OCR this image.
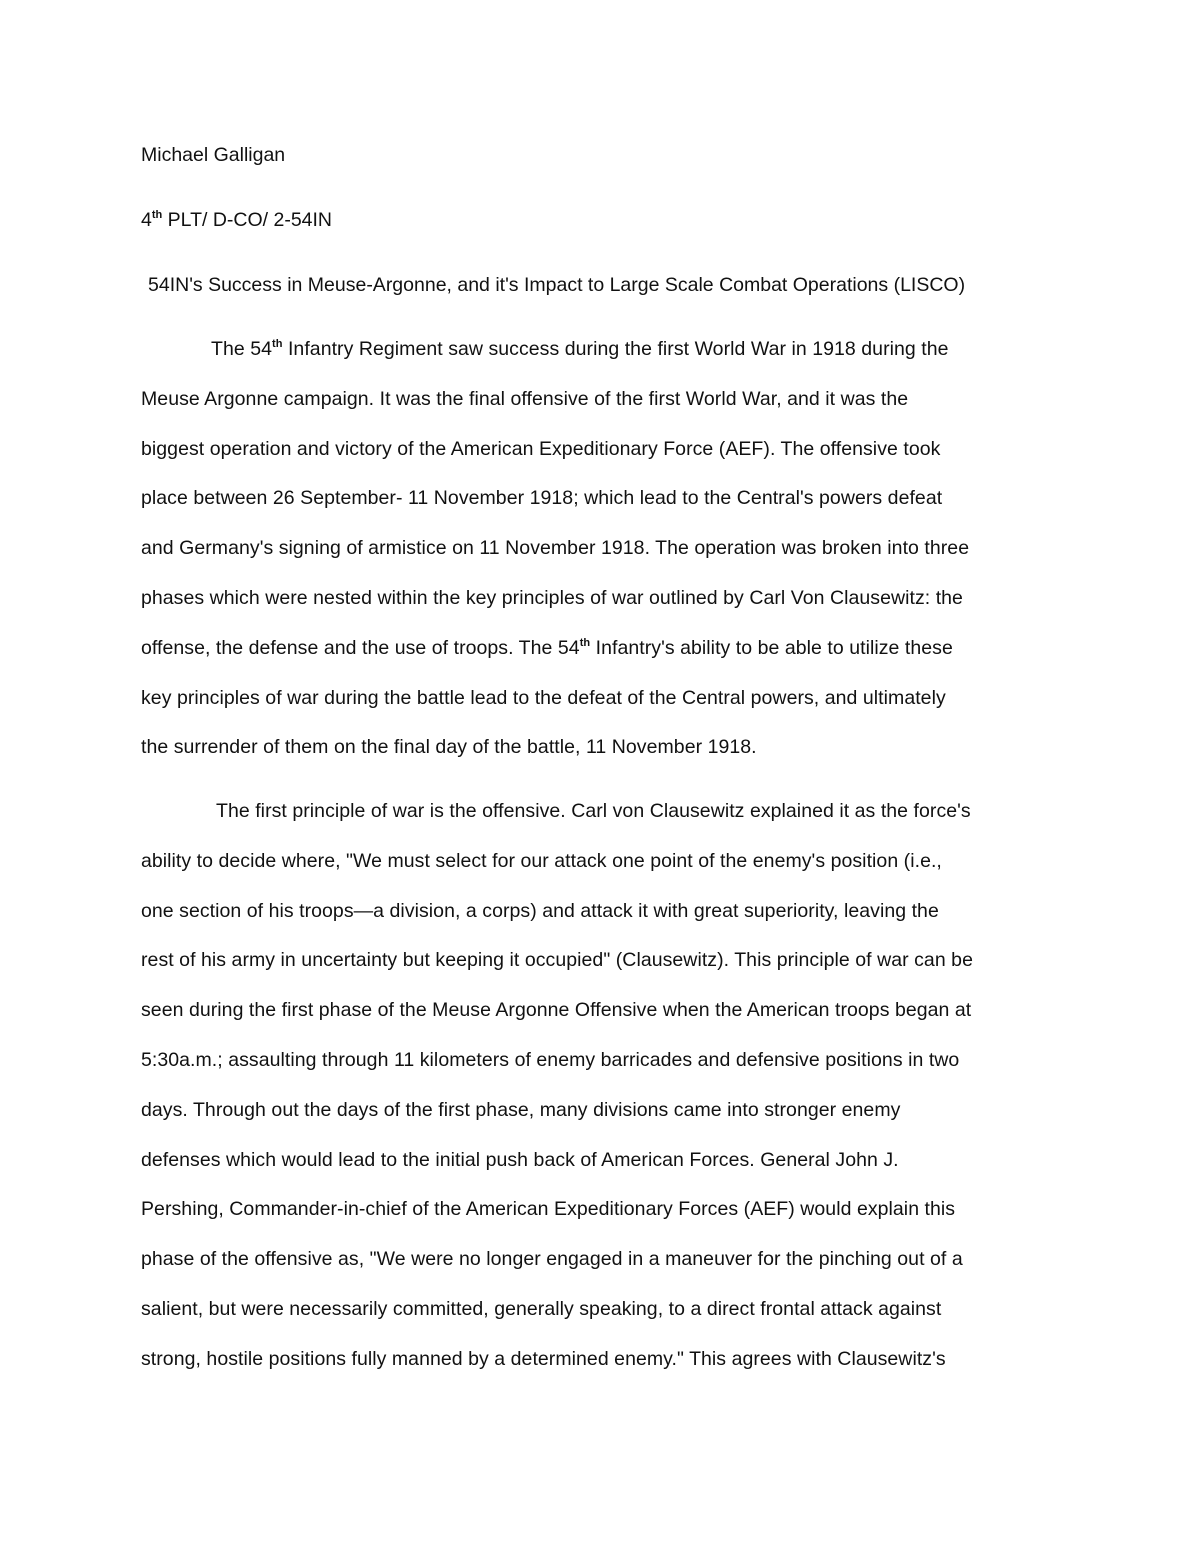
Michael Galligan
4th PLT/ D-CO/ 2-54IN
54IN's Success in Meuse-Argonne, and it's Impact to Large Scale Combat Operations (LISCO)
The 54th Infantry Regiment saw success during the first World War in 1918 during the
Meuse Argonne campaign. It was the final offensive of the first World War, and it was the
biggest operation and victory of the American Expeditionary Force (AEF). The offensive took
place between 26 September- 11 November 1918; which lead to the Central's powers defeat
and Germany's signing of armistice on 11 November 1918. The operation was broken into three
phases which were nested within the key principles of war outlined by Carl Von Clausewitz: the
offense, the defense and the use of troops. The 54th Infantry's ability to be able to utilize these
key principles of war during the battle lead to the defeat of the Central powers, and ultimately
the surrender of them on the final day of the battle, 11 November 1918.
The first principle of war is the offensive. Carl von Clausewitz explained it as the force's
ability to decide where, "We must select for our attack one point of the enemy's position (i.e.,
one section of his troops—a division, a corps) and attack it with great superiority, leaving the
rest of his army in uncertainty but keeping it occupied" (Clausewitz). This principle of war can be
seen during the first phase of the Meuse Argonne Offensive when the American troops began at
5:30a.m.; assaulting through 11 kilometers of enemy barricades and defensive positions in two
days. Through out the days of the first phase, many divisions came into stronger enemy
defenses which would lead to the initial push back of American Forces. General John J.
Pershing, Commander-in-chief of the American Expeditionary Forces (AEF) would explain this
phase of the offensive as, "We were no longer engaged in a maneuver for the pinching out of a
salient, but were necessarily committed, generally speaking, to a direct frontal attack against
strong, hostile positions fully manned by a determined enemy." This agrees with Clausewitz's
